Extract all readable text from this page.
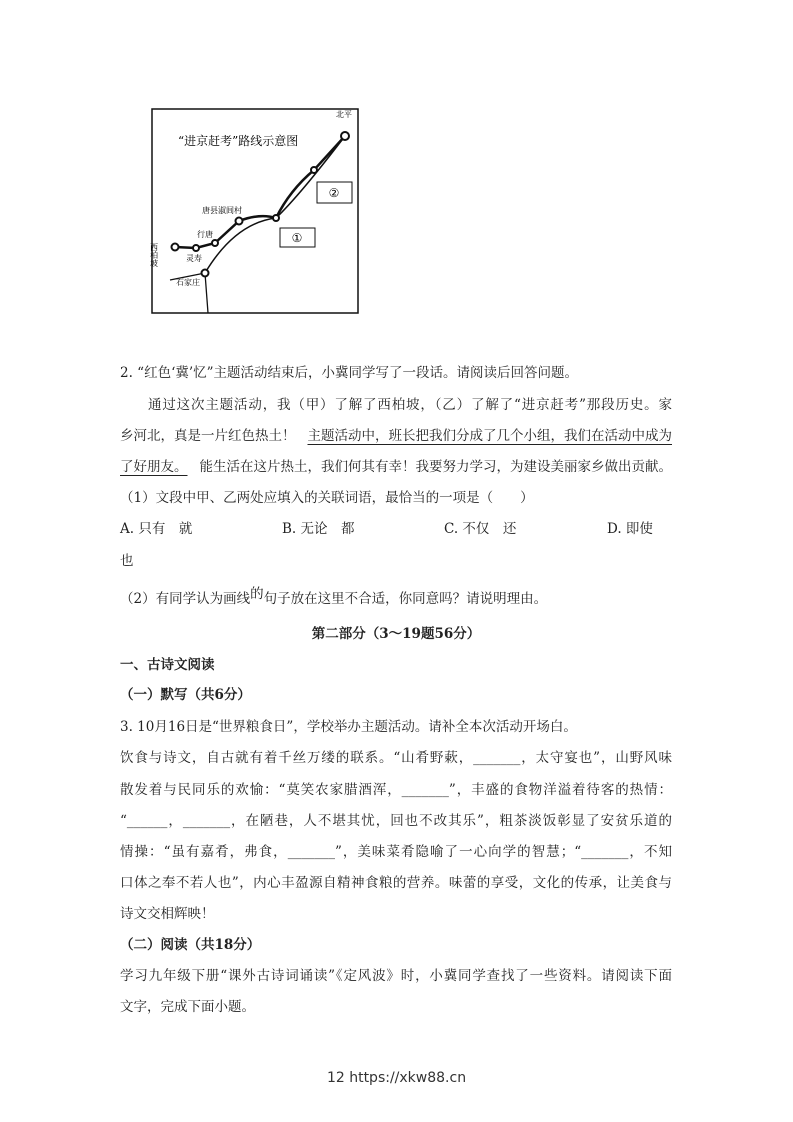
①
②
“进京赶考”路线示意图
北平
西柏坡	灵寿
行唐
唐县淑闾村
石家庄
2. “红色‘冀’忆”主题活动结束后，小冀同学写了一段话。请阅读后回答问题。
通过这次主题活动，我（甲）了解了西柏坡，（乙）了解了“进京赶考”那段历史。家
乡河北，真是一片红色热土！ 主题活动中，班长把我们分成了几个小组，我们在活动中成为
了好朋友。 能生活在这片热土，我们何其有幸！我要努力学习，为建设美丽家乡做出贡献。
（1）文段中甲、乙两处应填入的关联词语，最恰当的一项是（　　）
A. 只有　就	B. 无论　都	C. 不仅　还	D. 即使
也
（2）有同学认为画线的句子放在这里不合适，你同意吗？请说明理由。
第二部分（3～19题56分）
一、古诗文阅读
（一）默写（共6分）
3. 10月16日是“世界粮食日”，学校举办主题活动。请补全本次活动开场白。
饮食与诗文，自古就有着千丝万缕的联系。“山肴野蔌，_______，太守宴也”，山野风味
散发着与民同乐的欢愉：“莫笑农家腊酒浑，_______”，丰盛的食物洋溢着待客的热情：
“______，_______，在陋巷，人不堪其忧，回也不改其乐”，粗茶淡饭彰显了安贫乐道的
情操：“虽有嘉肴，弗食，_______”，美味菜肴隐喻了一心向学的智慧；“_______，不知
口体之奉不若人也”，内心丰盈源自精神食粮的营养。味蕾的享受，文化的传承，让美食与
诗文交相辉映！
（二）阅读（共18分）
学习九年级下册“课外古诗词诵读”《定风波》时，小冀同学查找了一些资料。请阅读下面
文字，完成下面小题。
12 https://xkw88.cn
